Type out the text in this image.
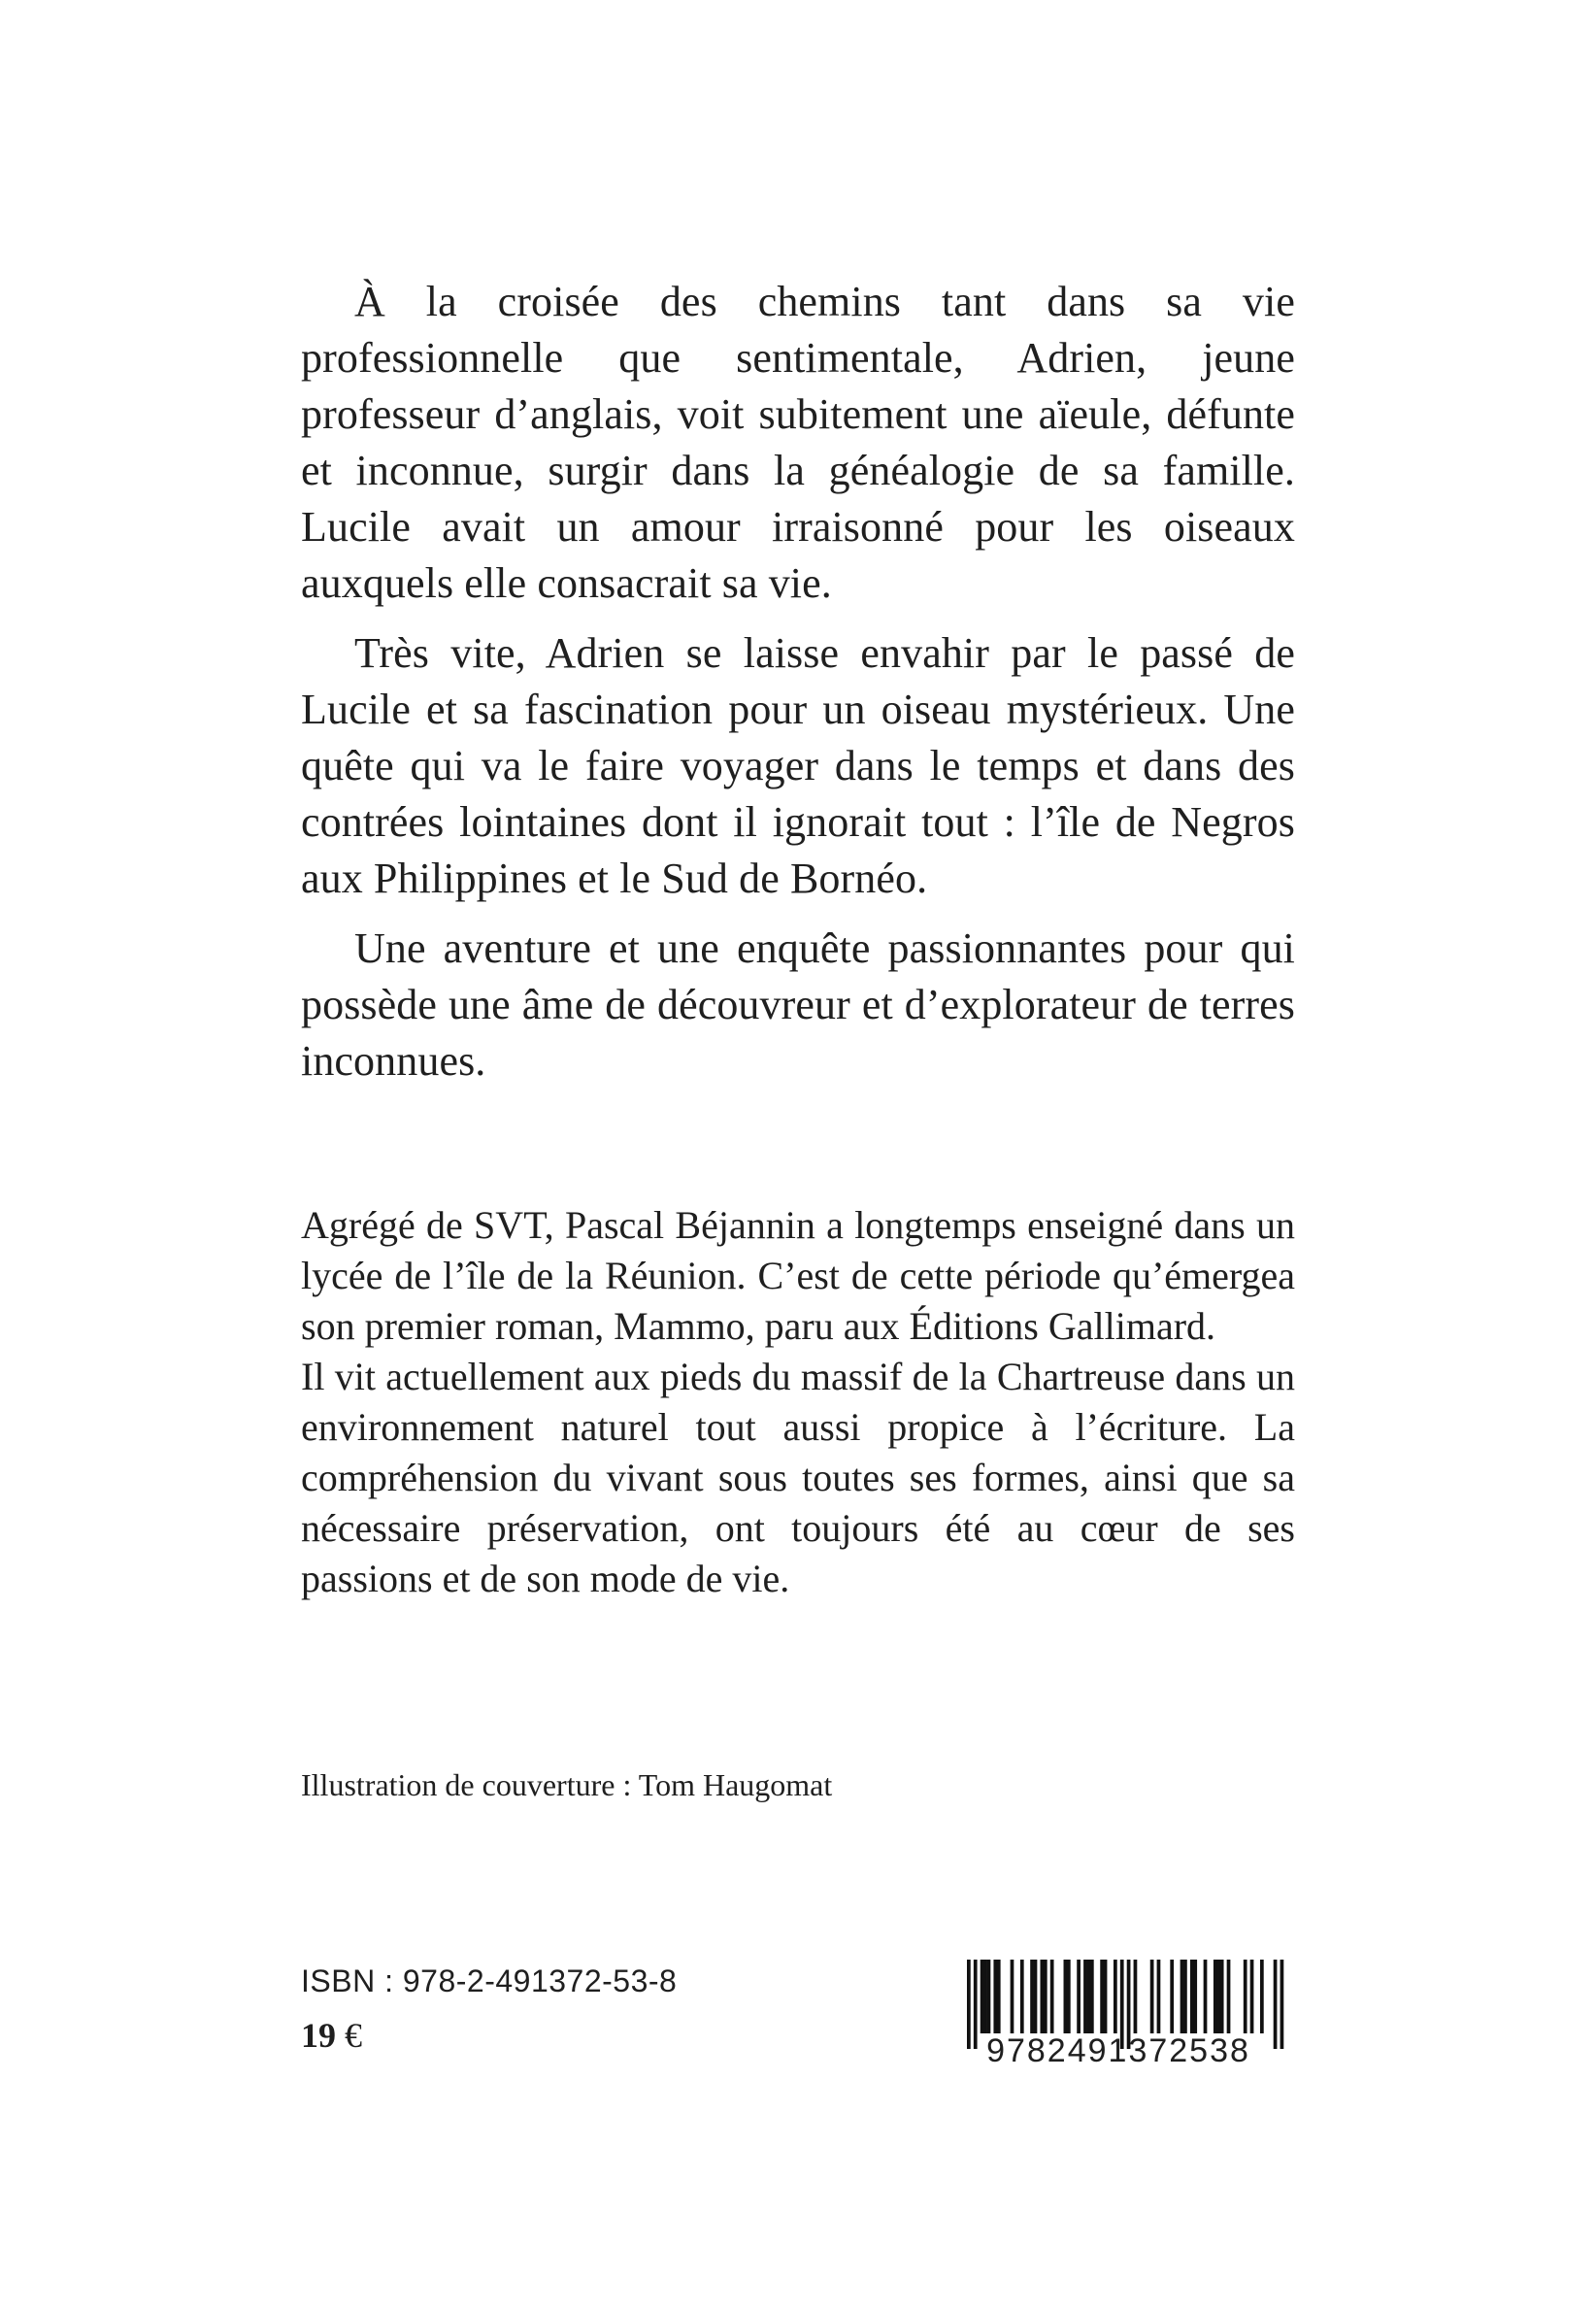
À la croisée des chemins tant dans sa vie professionnelle que sentimentale, Adrien, jeune professeur d’anglais, voit subitement une aïeule, défunte et inconnue, surgir dans la généalogie de sa famille. Lucile avait un amour irraisonné pour les oiseaux auxquels elle consacrait sa vie.

Très vite, Adrien se laisse envahir par le passé de Lucile et sa fascination pour un oiseau mystérieux. Une quête qui va le faire voyager dans le temps et dans des contrées lointaines dont il ignorait tout : l’île de Negros aux Philippines et le Sud de Bornéo.

Une aventure et une enquête passionnantes pour qui possède une âme de découvreur et d’explorateur de terres inconnues.

Agrégé de SVT, Pascal Béjannin a longtemps enseigné dans un lycée de l’île de la Réunion. C’est de cette période qu’émergea son premier roman, Mammo, paru aux Éditions Gallimard.

Il vit actuellement aux pieds du massif de la Chartreuse dans un environnement naturel tout aussi propice à l’écriture. La compréhension du vivant sous toutes ses formes, ainsi que sa nécessaire préservation, ont toujours été au cœur de ses passions et de son mode de vie.

Illustration de couverture : Tom Haugomat
ISBN : 978-2-491372-53-8
19 €	9782491372538
